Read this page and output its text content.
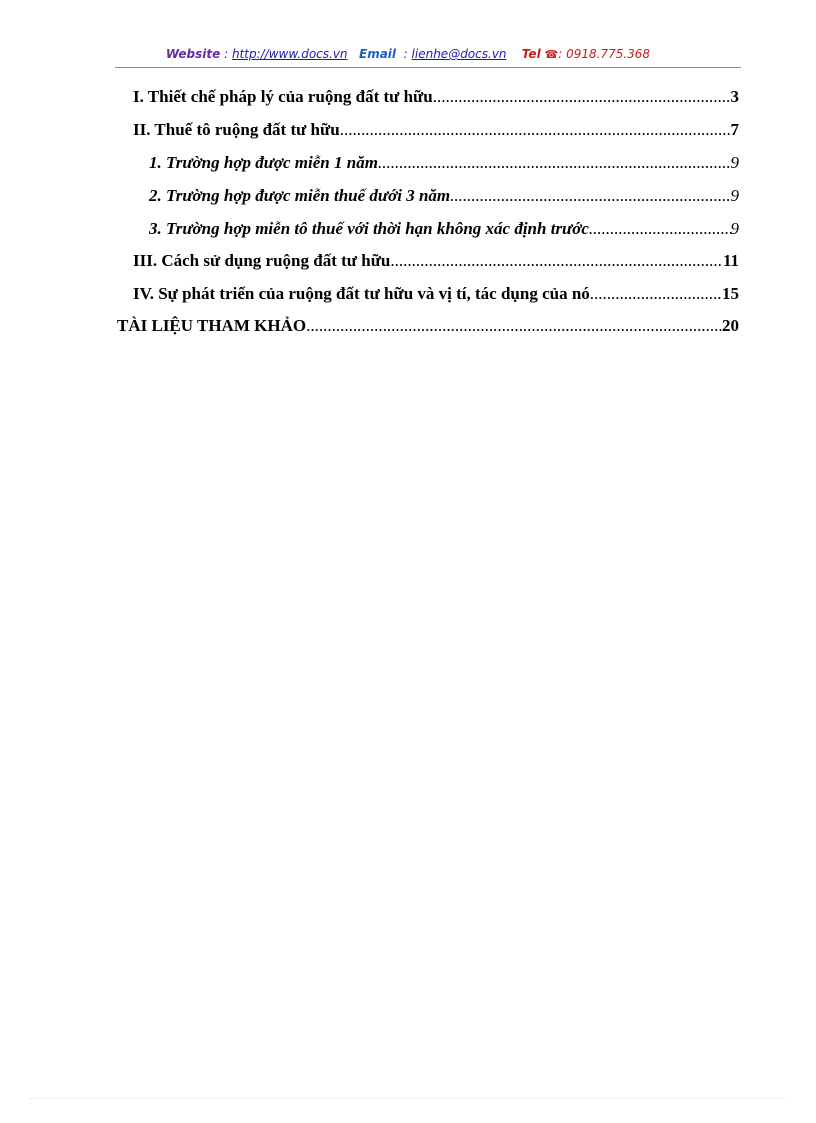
Website : http://www.docs.vn Email : lienhe@docs.vn Tel ☎: 0918.775.368
I. Thiết chế pháp lý của ruộng đất tư hữu .....	3
II. Thuế tô ruộng đất tư hữu .....	7
1. Trường hợp được miễn 1 năm .....	9
2. Trường hợp được miễn thuế dưới 3 năm .....	9
3. Trường hợp miễn tô thuế với thời hạn không xác định trước .....	9
III. Cách sử dụng ruộng đất tư hữu .....	11
IV. Sự phát triển của ruộng đất tư hữu và vị tí, tác dụng của nó .....	15
TÀI LIỆU THAM KHẢO .....	20
